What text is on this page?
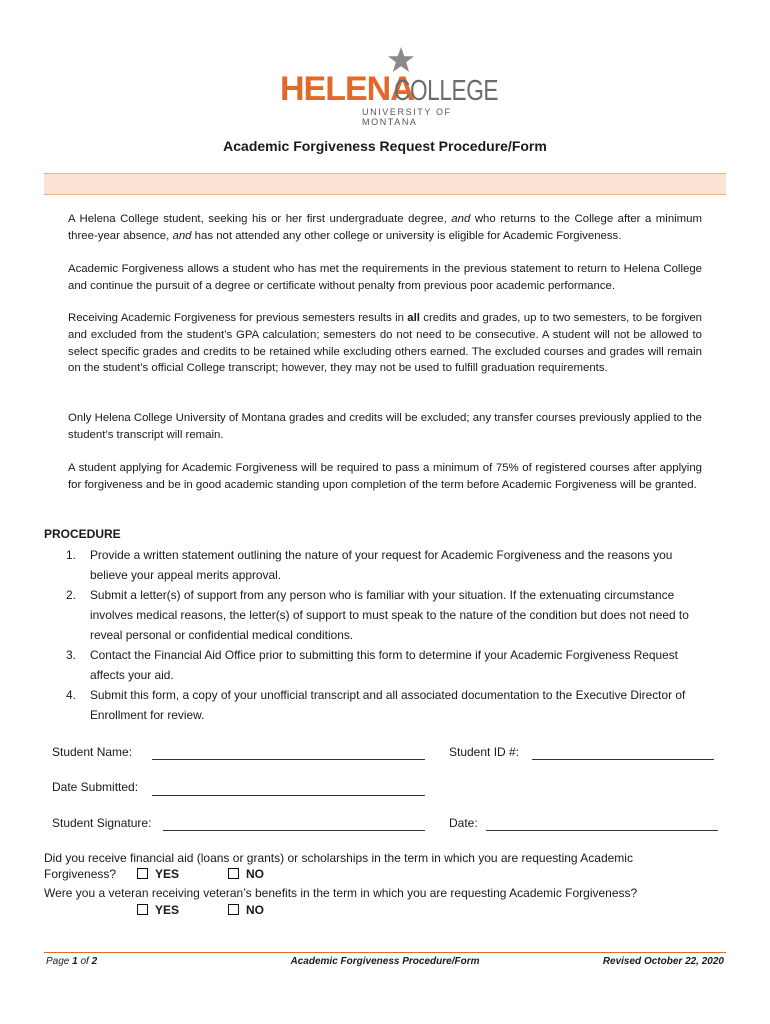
HELENA
COLLEGE
UNIVERSITY OF MONTANA
Academic Forgiveness Request Procedure/Form
A Helena College student, seeking his or her first undergraduate degree, and who returns to the College after a minimum three-year absence, and has not attended any other college or university is eligible for Academic Forgiveness.
Academic Forgiveness allows a student who has met the requirements in the previous statement to return to Helena College and continue the pursuit of a degree or certificate without penalty from previous poor academic performance.
Receiving Academic Forgiveness for previous semesters results in all credits and grades, up to two semesters, to be forgiven and excluded from the student’s GPA calculation; semesters do not need to be consecutive. A student will not be allowed to select specific grades and credits to be retained while excluding others earned. The excluded courses and grades will remain on the student’s official College transcript; however, they may not be used to fulfill graduation requirements.
Only Helena College University of Montana grades and credits will be excluded; any transfer courses previously applied to the student’s transcript will remain.
A student applying for Academic Forgiveness will be required to pass a minimum of 75% of registered courses after applying for forgiveness and be in good academic standing upon completion of the term before Academic Forgiveness will be granted.
PROCEDURE
1. Provide a written statement outlining the nature of your request for Academic Forgiveness and the reasons you believe your appeal merits approval.
2. Submit a letter(s) of support from any person who is familiar with your situation. If the extenuating circumstance involves medical reasons, the letter(s) of support to must speak to the nature of the condition but does not need to reveal personal or confidential medical conditions.
3. Contact the Financial Aid Office prior to submitting this form to determine if your Academic Forgiveness Request affects your aid.
4. Submit this form, a copy of your unofficial transcript and all associated documentation to the Executive Director of Enrollment for review.
Student Name:	Student ID #:
Date Submitted:
Student Signature:	Date:
Did you receive financial aid (loans or grants) or scholarships in the term in which you are requesting Academic
Forgiveness?	YES	NO
Were you a veteran receiving veteran’s benefits in the term in which you are requesting Academic Forgiveness?
YES	NO
Page 1 of 2	Academic Forgiveness Procedure/Form	Revised October 22, 2020
